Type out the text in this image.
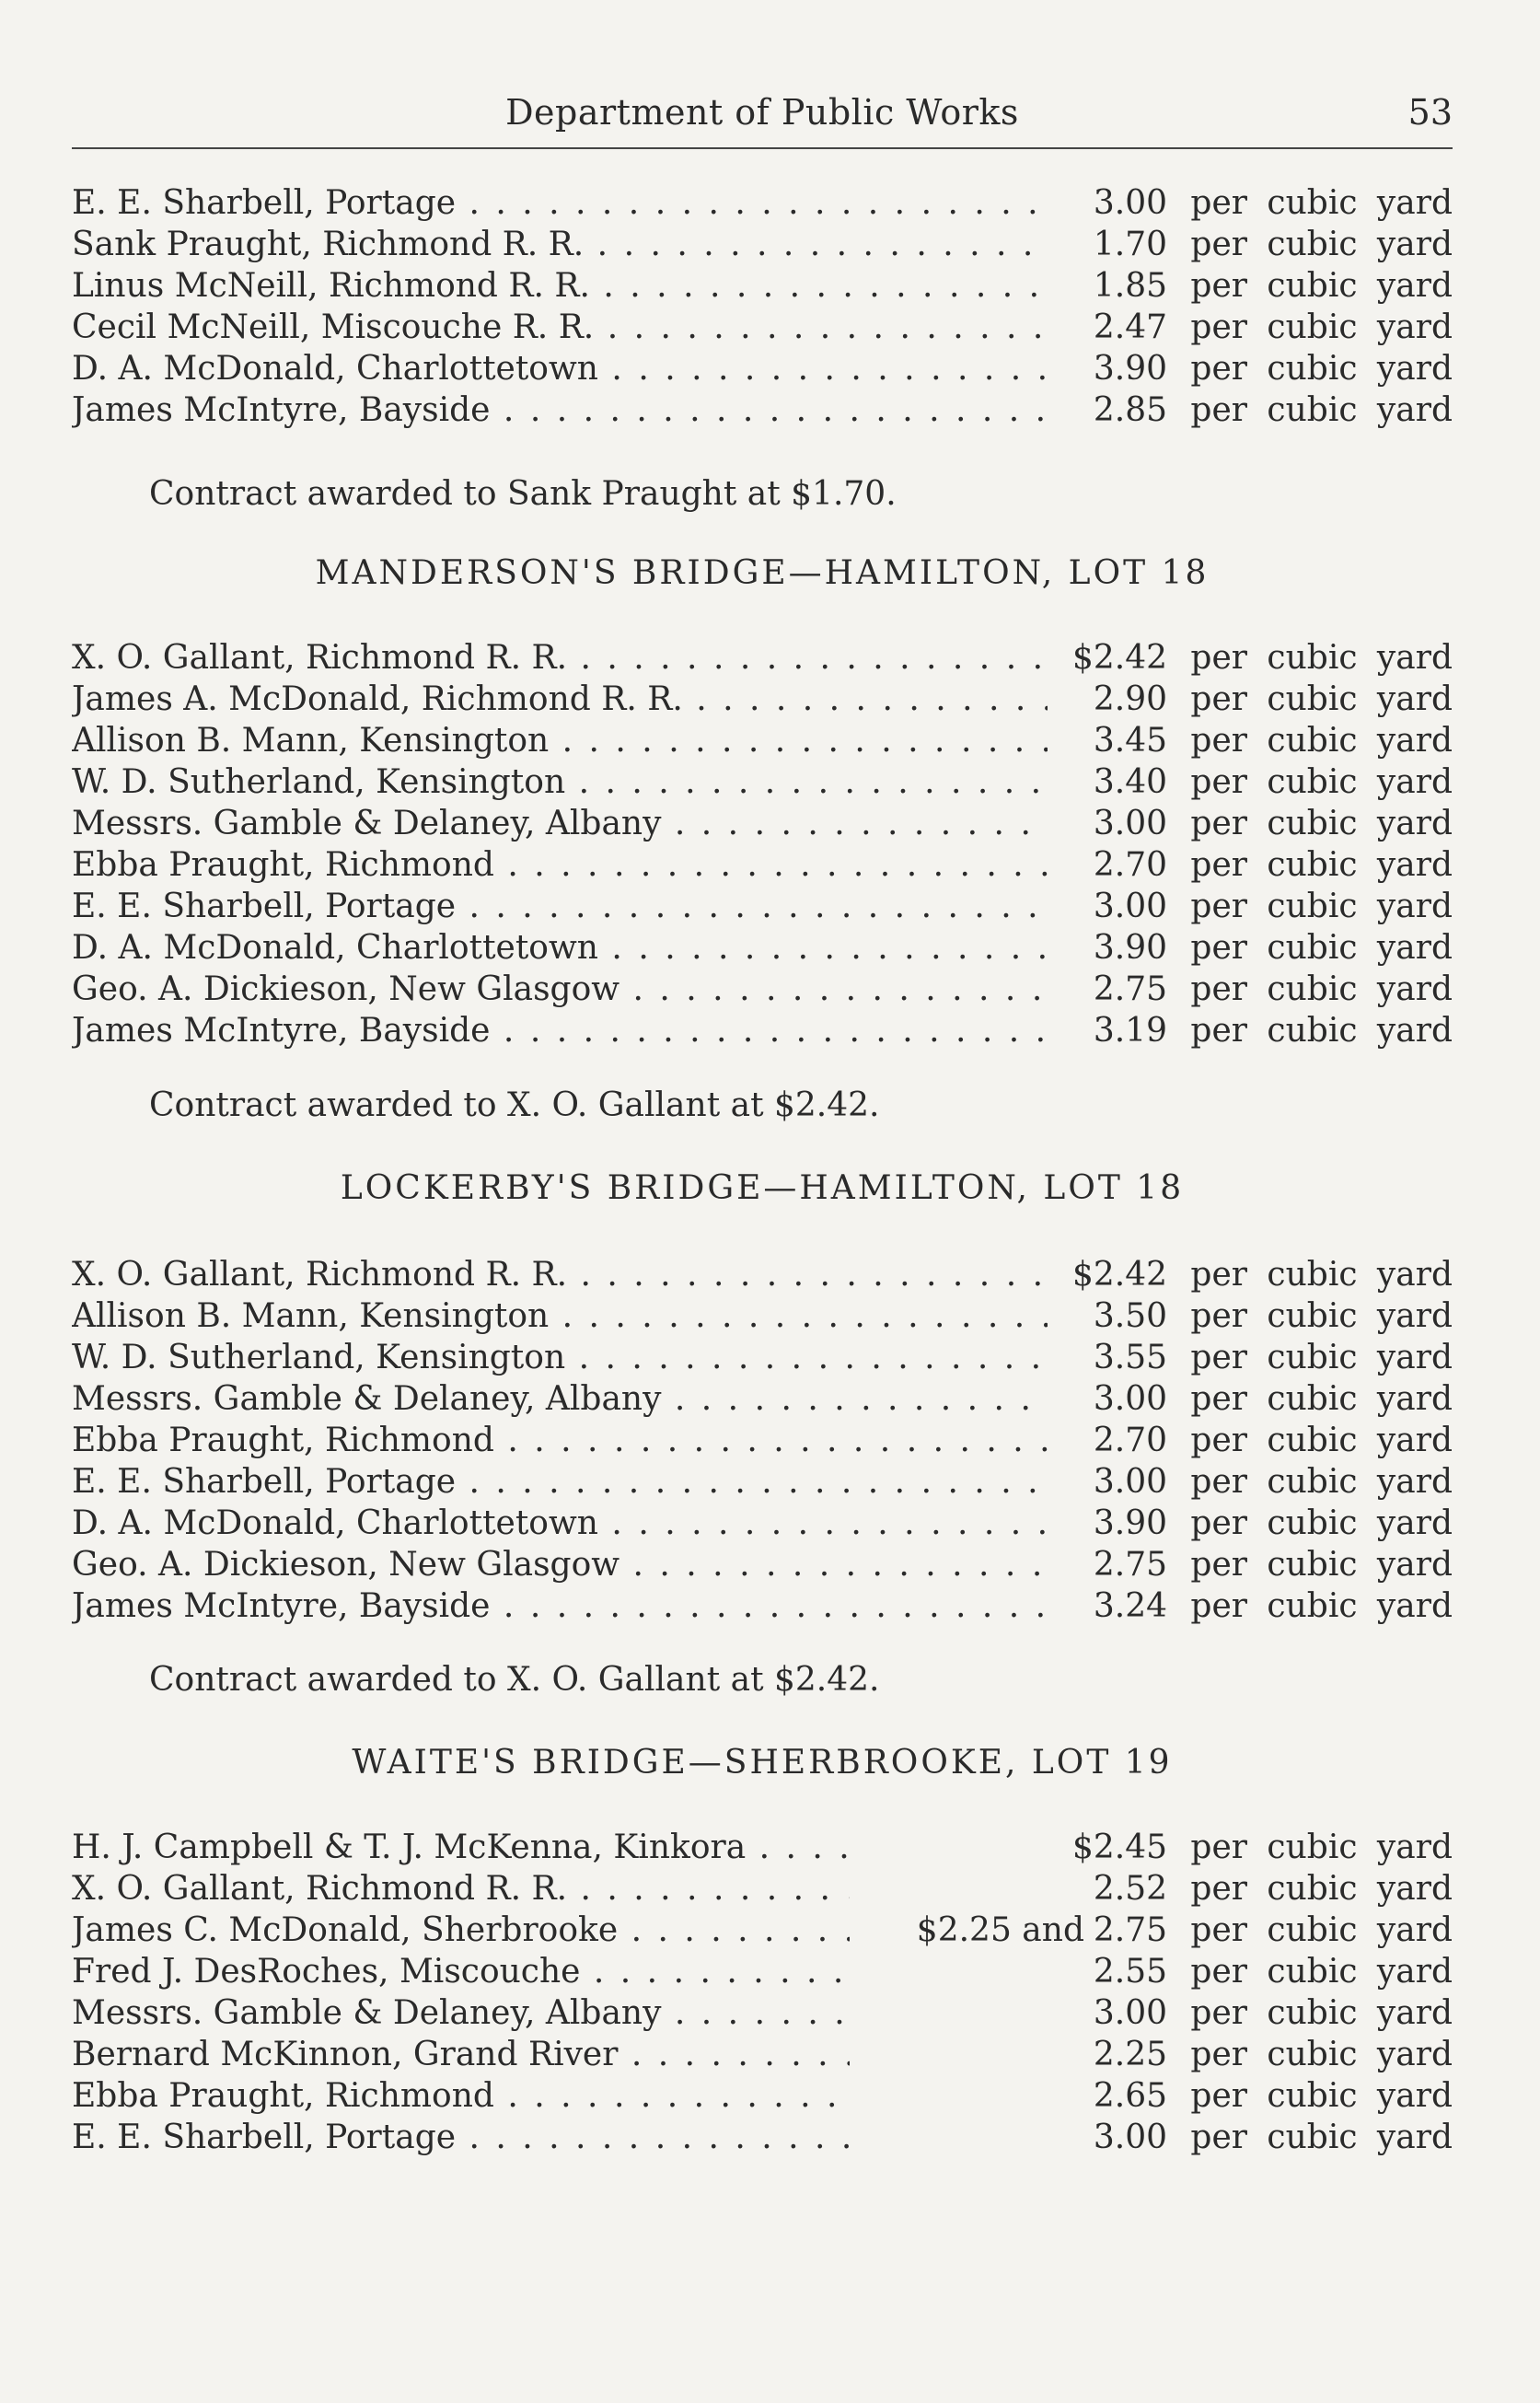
Department of Public Works	53
E. E. Sharbell, Portage . . .	3.00 per cubic yard
Sank Praught, Richmond R. R. . . .	1.70 per cubic yard
Linus McNeill, Richmond R. R. . . .	1.85 per cubic yard
Cecil McNeill, Miscouche R. R. . . .	2.47 per cubic yard
D. A. McDonald, Charlottetown . . .	3.90 per cubic yard
James McIntyre, Bayside . . .	2.85 per cubic yard
Contract awarded to Sank Praught at $1.70.
MANDERSON'S BRIDGE—HAMILTON, LOT 18
X. O. Gallant, Richmond R. R. . . .	$2.42 per cubic yard
James A. McDonald, Richmond R. R. . . .	2.90 per cubic yard
Allison B. Mann, Kensington . . .	3.45 per cubic yard
W. D. Sutherland, Kensington . . .	3.40 per cubic yard
Messrs. Gamble & Delaney, Albany . . .	3.00 per cubic yard
Ebba Praught, Richmond . . .	2.70 per cubic yard
E. E. Sharbell, Portage . . .	3.00 per cubic yard
D. A. McDonald, Charlottetown . . .	3.90 per cubic yard
Geo. A. Dickieson, New Glasgow . . .	2.75 per cubic yard
James McIntyre, Bayside . . .	3.19 per cubic yard
Contract awarded to X. O. Gallant at $2.42.
LOCKERBY'S BRIDGE—HAMILTON, LOT 18
X. O. Gallant, Richmond R. R. . . .	$2.42 per cubic yard
Allison B. Mann, Kensington . . .	3.50 per cubic yard
W. D. Sutherland, Kensington . . .	3.55 per cubic yard
Messrs. Gamble & Delaney, Albany . . .	3.00 per cubic yard
Ebba Praught, Richmond . . .	2.70 per cubic yard
E. E. Sharbell, Portage . . .	3.00 per cubic yard
D. A. McDonald, Charlottetown . . .	3.90 per cubic yard
Geo. A. Dickieson, New Glasgow . . .	2.75 per cubic yard
James McIntyre, Bayside . . .	3.24 per cubic yard
Contract awarded to X. O. Gallant at $2.42.
WAITE'S BRIDGE—SHERBROOKE, LOT 19
H. J. Campbell & T. J. McKenna, Kinkora . . .	$2.45 per cubic yard
X. O. Gallant, Richmond R. R. . . .	2.52 per cubic yard
James C. McDonald, Sherbrooke . . .	$2.25 and 2.75 per cubic yard
Fred J. DesRoches, Miscouche . . .	2.55 per cubic yard
Messrs. Gamble & Delaney, Albany . . .	3.00 per cubic yard
Bernard McKinnon, Grand River . . .	2.25 per cubic yard
Ebba Praught, Richmond . . .	2.65 per cubic yard
E. E. Sharbell, Portage . . .	3.00 per cubic yard
